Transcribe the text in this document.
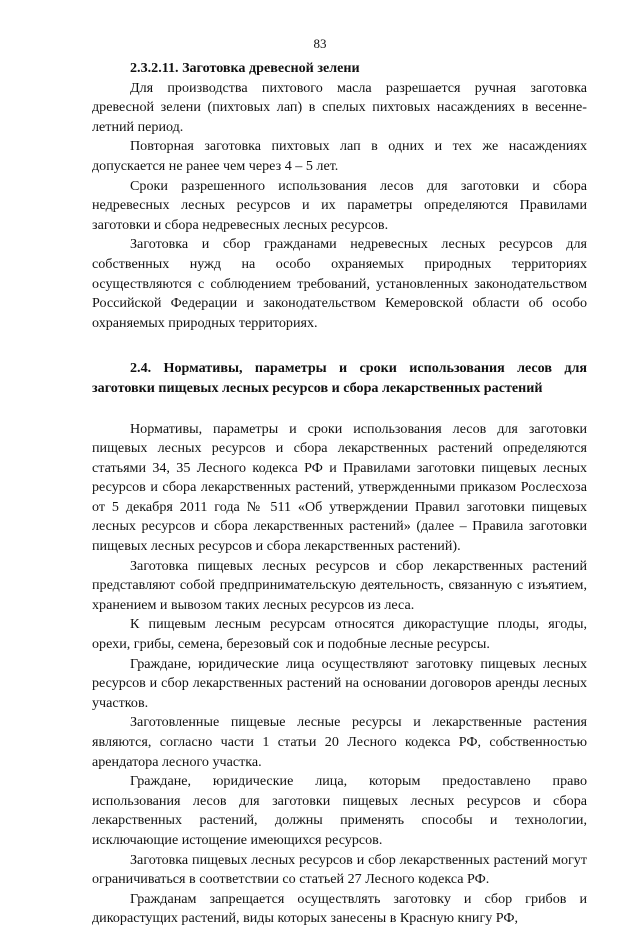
83

2.3.2.11. Заготовка древесной зелени

Для производства пихтового масла разрешается ручная заготовка древесной зелени (пихтовых лап) в спелых пихтовых насаждениях в весенне-летний период.

Повторная заготовка пихтовых лап в одних и тех же насаждениях допускается не ранее чем через 4 – 5 лет.

Сроки разрешенного использования лесов для заготовки и сбора недревесных лесных ресурсов и их параметры определяются Правилами заготовки и сбора недревесных лесных ресурсов.

Заготовка и сбор гражданами недревесных лесных ресурсов для собственных нужд на особо охраняемых природных территориях осуществляются с соблюдением требований, установленных законодательством Российской Федерации и законодательством Кемеровской области об особо охраняемых природных территориях.

2.4. Нормативы, параметры и сроки использования лесов для заготовки пищевых лесных ресурсов и сбора лекарственных растений

Нормативы, параметры и сроки использования лесов для заготовки пищевых лесных ресурсов и сбора лекарственных растений определяются статьями 34, 35 Лесного кодекса РФ и Правилами заготовки пищевых лесных ресурсов и сбора лекарственных растений, утвержденными приказом Рослесхоза от 5 декабря 2011 года № 511 «Об утверждении Правил заготовки пищевых лесных ресурсов и сбора лекарственных растений» (далее – Правила заготовки пищевых лесных ресурсов и сбора лекарственных растений).

Заготовка пищевых лесных ресурсов и сбор лекарственных растений представляют собой предпринимательскую деятельность, связанную с изъятием, хранением и вывозом таких лесных ресурсов из леса.

К пищевым лесным ресурсам относятся дикорастущие плоды, ягоды, орехи, грибы, семена, березовый сок и подобные лесные ресурсы.

Граждане, юридические лица осуществляют заготовку пищевых лесных ресурсов и сбор лекарственных растений на основании договоров аренды лесных участков.

Заготовленные пищевые лесные ресурсы и лекарственные растения являются, согласно части 1 статьи 20 Лесного кодекса РФ, собственностью арендатора лесного участка.

Граждане, юридические лица, которым предоставлено право использования лесов для заготовки пищевых лесных ресурсов и сбора лекарственных растений, должны применять способы и технологии, исключающие истощение имеющихся ресурсов.

Заготовка пищевых лесных ресурсов и сбор лекарственных растений могут ограничиваться в соответствии со статьей 27 Лесного кодекса РФ.

Гражданам запрещается осуществлять заготовку и сбор грибов и дикорастущих растений, виды которых занесены в Красную книгу РФ,
